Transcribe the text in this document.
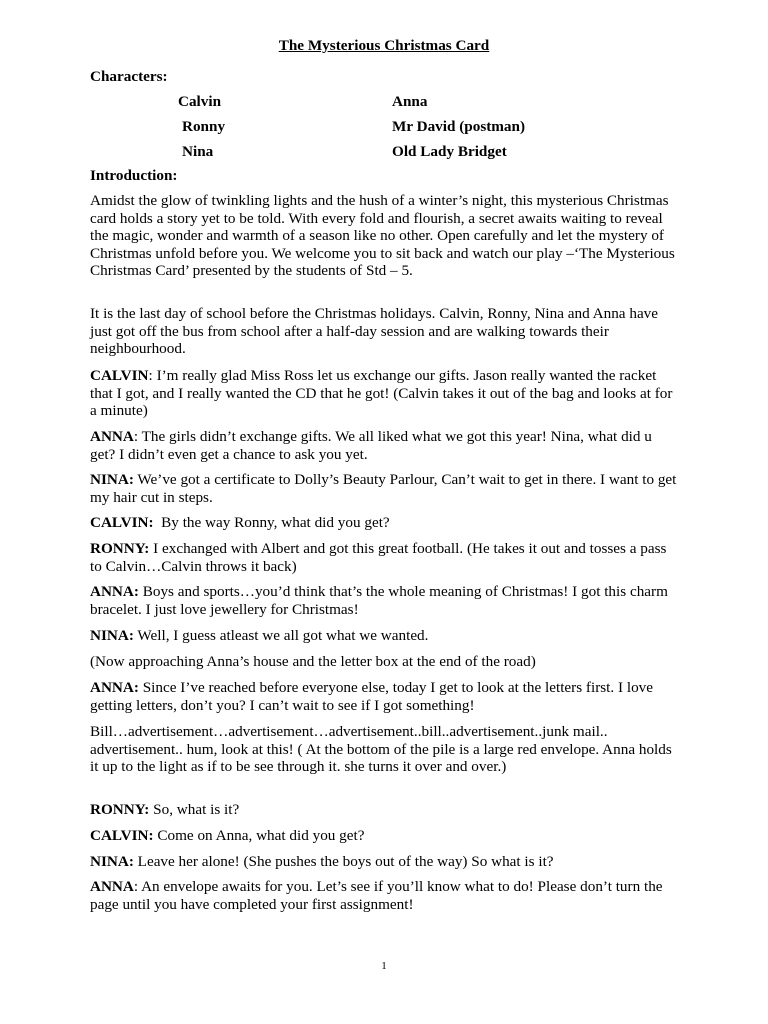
The Mysterious Christmas Card
Characters:
Calvin
Ronny
Nina
Anna
Mr David (postman)
Old Lady Bridget
Introduction:

Amidst the glow of twinkling lights and the hush of a winter’s night, this mysterious Christmas card holds a story yet to be told. With every fold and flourish, a secret awaits waiting to reveal the magic, wonder and warmth of a season like no other. Open carefully and let the mystery of Christmas unfold before you. We welcome you to sit back and watch our play –‘The Mysterious Christmas Card’ presented by the students of Std – 5.

It is the last day of school before the Christmas holidays. Calvin, Ronny, Nina and Anna have just got off the bus from school after a half-day session and are walking towards their neighbourhood.

CALVIN: I’m really glad Miss Ross let us exchange our gifts. Jason really wanted the racket that I got, and I really wanted the CD that he got! (Calvin takes it out of the bag and looks at for a minute)

ANNA: The girls didn’t exchange gifts. We all liked what we got this year! Nina, what did u get? I didn’t even get a chance to ask you yet.

NINA: We’ve got a certificate to Dolly’s Beauty Parlour, Can’t wait to get in there. I want to get my hair cut in steps.

CALVIN: By the way Ronny, what did you get?

RONNY: I exchanged with Albert and got this great football. (He takes it out and tosses a pass to Calvin…Calvin throws it back)

ANNA: Boys and sports…you’d think that’s the whole meaning of Christmas! I got this charm bracelet. I just love jewellery for Christmas!

NINA: Well, I guess atleast we all got what we wanted.

(Now approaching Anna’s house and the letter box at the end of the road)

ANNA: Since I’ve reached before everyone else, today I get to look at the letters first. I love getting letters, don’t you? I can’t wait to see if I got something!

Bill…advertisement…advertisement…advertisement..bill..advertisement..junk mail.. advertisement.. hum, look at this! ( At the bottom of the pile is a large red envelope. Anna holds it up to the light as if to be see through it. she turns it over and over.)

RONNY: So, what is it?

CALVIN: Come on Anna, what did you get?

NINA: Leave her alone! (She pushes the boys out of the way) So what is it?

ANNA: An envelope awaits for you. Let’s see if you’ll know what to do! Please don’t turn the page until you have completed your first assignment!

1
